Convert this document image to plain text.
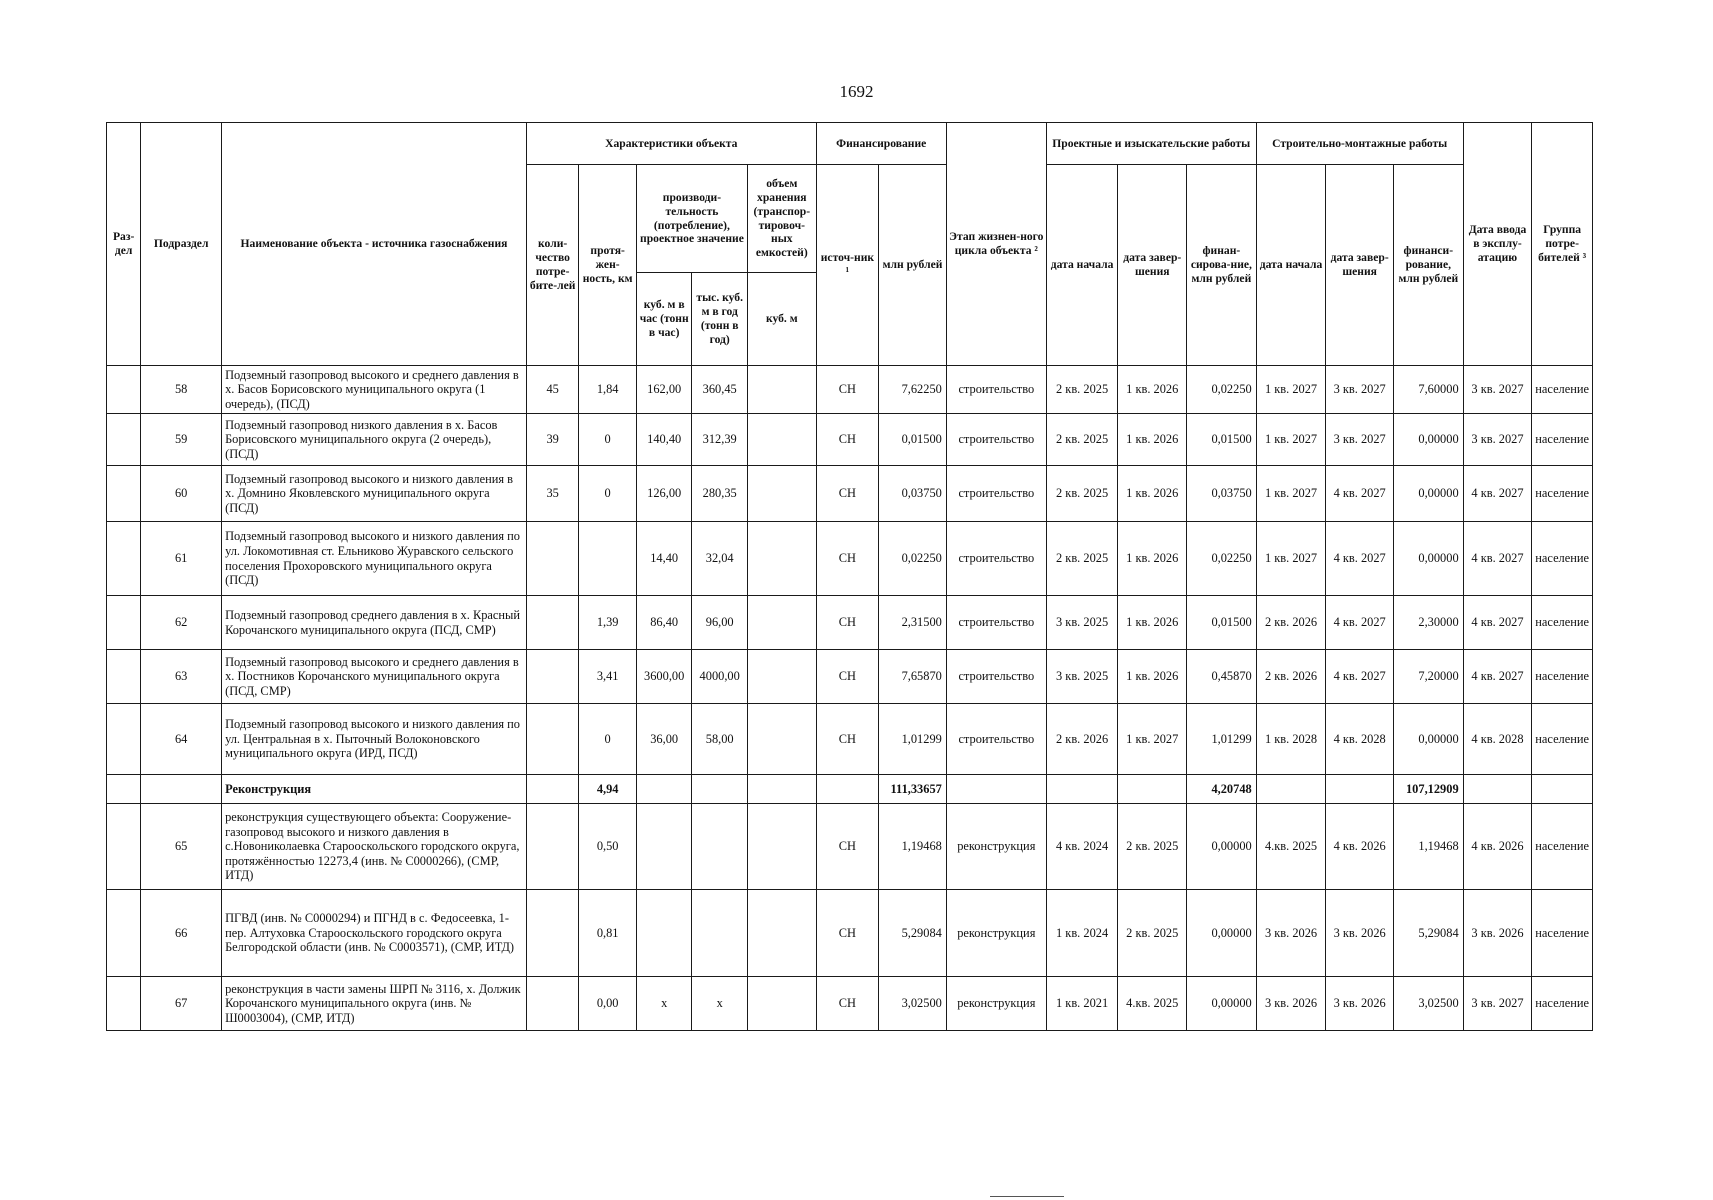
1692
Раз-дел	Подраздел	Наименование объекта - источника газоснабжения	Характеристики объекта					Финансирование		Этап жизнен-ного цикла объекта ²	Проектные и изыскательские работы			Строительно-монтажные работы			Дата ввода в эксплу-атацию	Группа потре-бителей ³
			коли-чество потре-бите-лей	протя-жен-ность, км	производи-тельность (потребление), проектное значение		объем хранения (транспор-тировоч-ных емкостей)	источ-ник ¹	млн рублей		дата начала	дата завер-шения	финан-сирова-ние, млн рублей	дата начала	дата завер-шения	финанси-рование, млн рублей		
					куб. м в час (тонн в час)	тыс. куб. м в год (тонн в год)	куб. м											
	58	Подземный газопровод высокого и среднего давления в х. Басов Борисовского муниципального округа (1 очередь), (ПСД)	45	1,84	162,00	360,45		СН	7,62250	строительство	2 кв. 2025	1 кв. 2026	0,02250	1 кв. 2027	3 кв. 2027	7,60000	3 кв. 2027	население
	59	Подземный газопровод низкого давления в х. Басов Борисовского муниципального округа (2 очередь), (ПСД)	39	0	140,40	312,39		СН	0,01500	строительство	2 кв. 2025	1 кв. 2026	0,01500	1 кв. 2027	3 кв. 2027	0,00000	3 кв. 2027	население
	60	Подземный газопровод высокого и низкого давления в х. Домнино Яковлевского муниципального округа (ПСД)	35	0	126,00	280,35		СН	0,03750	строительство	2 кв. 2025	1 кв. 2026	0,03750	1 кв. 2027	4 кв. 2027	0,00000	4 кв. 2027	население
	61	Подземный газопровод высокого и низкого давления по ул. Локомотивная ст. Ельниково Журавского сельского поселения Прохоровского муниципального округа (ПСД)			14,40	32,04		СН	0,02250	строительство	2 кв. 2025	1 кв. 2026	0,02250	1 кв. 2027	4 кв. 2027	0,00000	4 кв. 2027	население
	62	Подземный газопровод среднего давления в х. Красный Корочанского муниципального округа (ПСД, СМР)		1,39	86,40	96,00		СН	2,31500	строительство	3 кв. 2025	1 кв. 2026	0,01500	2 кв. 2026	4 кв. 2027	2,30000	4 кв. 2027	население
	63	Подземный газопровод высокого и среднего давления в х. Постников Корочанского муниципального округа (ПСД, СМР)		3,41	3600,00	4000,00		СН	7,65870	строительство	3 кв. 2025	1 кв. 2026	0,45870	2 кв. 2026	4 кв. 2027	7,20000	4 кв. 2027	население
	64	Подземный газопровод высокого и низкого давления по ул. Центральная в х. Пыточный Волоконовского муниципального округа (ИРД, ПСД)		0	36,00	58,00		СН	1,01299	строительство	2 кв. 2026	1 кв. 2027	1,01299	1 кв. 2028	4 кв. 2028	0,00000	4 кв. 2028	население
		Реконструкция		4,94					111,33657				4,20748			107,12909		
	65	реконструкция существующего объекта: Сооружение-газопровод высокого и низкого давления в с.Новониколаевка Старооскольского городского округа, протяжённостью 12273,4 (инв. № С0000266), (СМР, ИТД)		0,50				СН	1,19468	реконструкция	4 кв. 2024	2 кв. 2025	0,00000	4.кв. 2025	4 кв. 2026	1,19468	4 кв. 2026	население
	66	ПГВД (инв. № С0000294) и ПГНД в с. Федосеевка, 1-пер. Алтуховка Старооскольского городского округа Белгородской области (инв. № С0003571), (СМР, ИТД)		0,81				СН	5,29084	реконструкция	1 кв. 2024	2 кв. 2025	0,00000	3 кв. 2026	3 кв. 2026	5,29084	3 кв. 2026	население
	67	реконструкция в части замены ШРП № 3116, х. Должик Корочанского муниципального округа (инв. № Ш0003004), (СМР, ИТД)		0,00	x	x		СН	3,02500	реконструкция	1 кв. 2021	4.кв. 2025	0,00000	3 кв. 2026	3 кв. 2026	3,02500	3 кв. 2027	население
